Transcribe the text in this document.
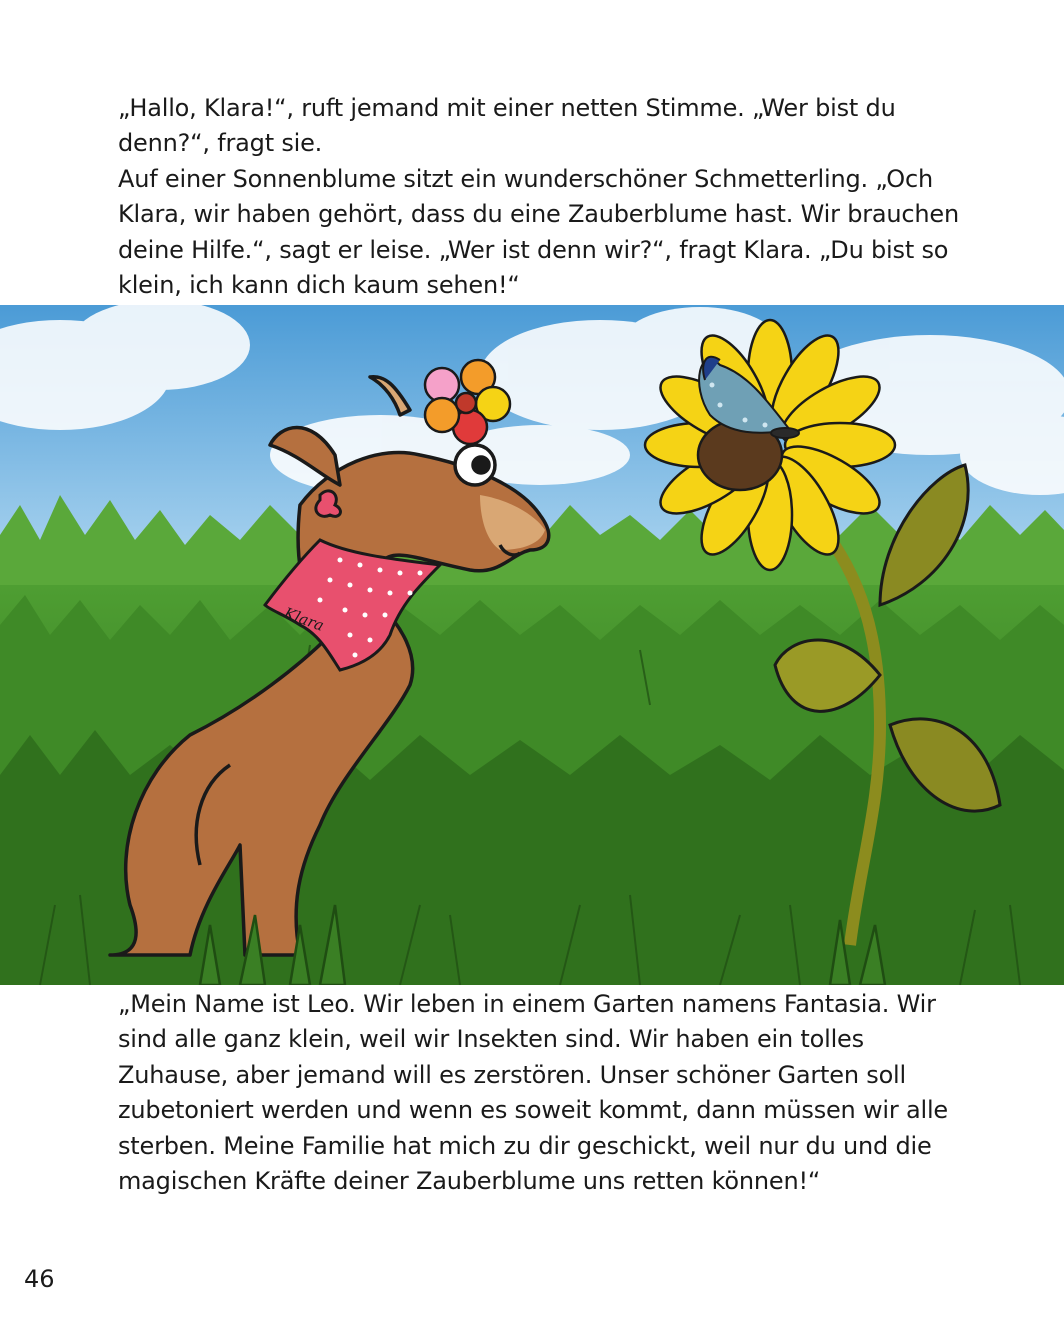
„Hallo, Klara!“, ruft jemand mit einer netten Stimme. „Wer bist du denn?“, fragt sie.

Auf einer Sonnenblume sitzt ein wunderschöner Schmetterling. „Och Klara, wir haben gehört, dass du eine Zauberblume hast. Wir brauchen deine Hilfe.“, sagt er leise. „Wer ist denn wir?“, fragt Klara. „Du bist so klein, ich kann dich kaum sehen!“

Klara

„Mein Name ist Leo. Wir leben in einem Garten namens Fantasia. Wir sind alle ganz klein, weil wir Insekten sind. Wir haben ein tolles Zuhause, aber jemand will es zerstören. Unser schöner Garten soll zubetoniert werden und wenn es soweit kommt, dann müssen wir alle sterben. Meine Familie hat mich zu dir geschickt, weil nur du und die magischen Kräfte deiner Zauberblume uns retten können!“

46
